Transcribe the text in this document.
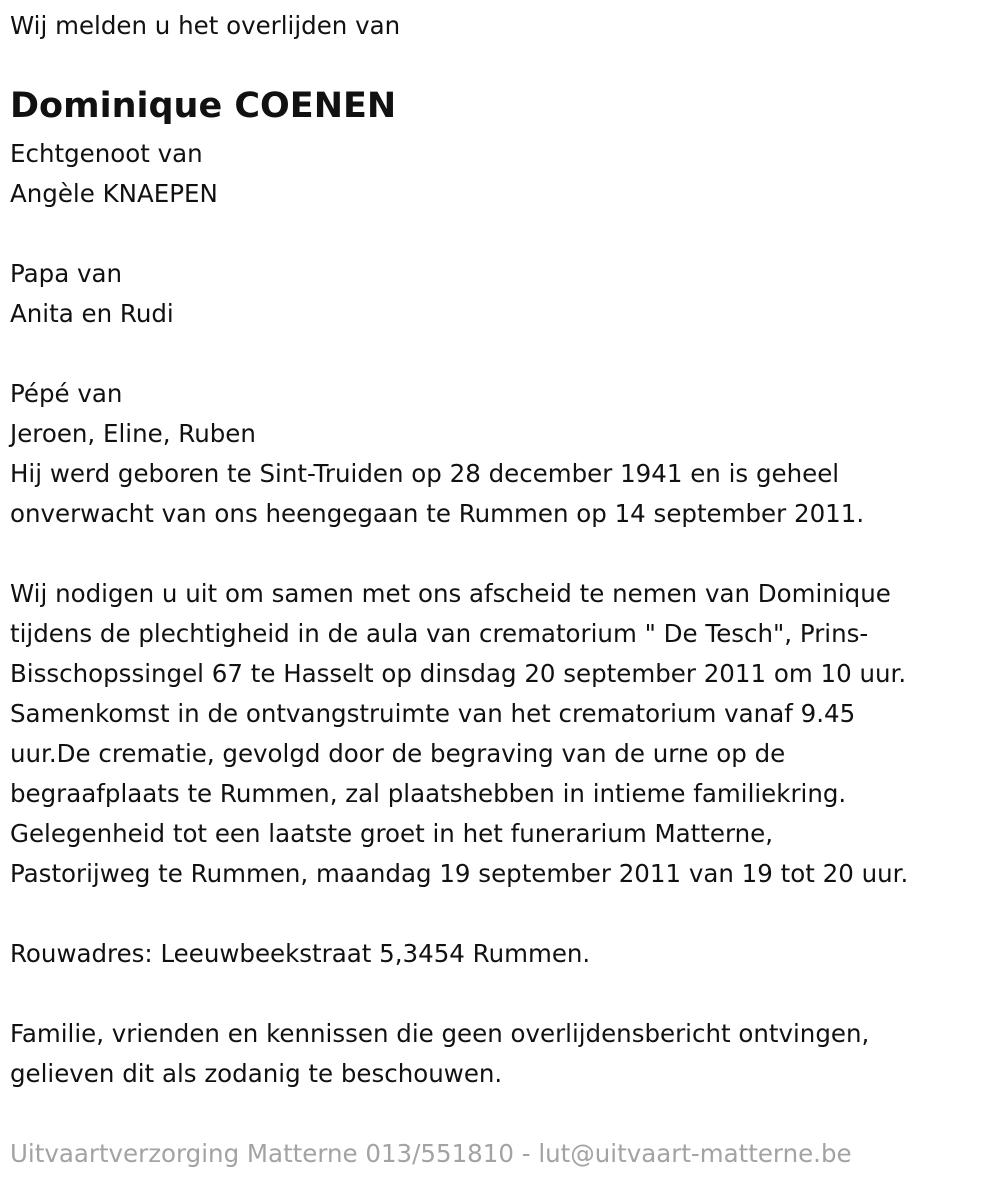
Wij melden u het overlijden van

Dominique COENEN

Echtgenoot van

Angèle KNAEPEN

Papa van

Anita en Rudi

Pépé van

Jeroen, Eline, Ruben

Hij werd geboren te Sint-Truiden op 28 december 1941 en is geheel

onverwacht van ons heengegaan te Rummen op 14 september 2011.

Wij nodigen u uit om samen met ons afscheid te nemen van Dominique

tijdens de plechtigheid in de aula van crematorium " De Tesch", Prins-

Bisschopssingel 67 te Hasselt op dinsdag 20 september 2011 om 10 uur.

Samenkomst in de ontvangstruimte van het crematorium vanaf 9.45

uur.De crematie, gevolgd door de begraving van de urne op de

begraafplaats te Rummen, zal plaatshebben in intieme familiekring.

Gelegenheid tot een laatste groet in het funerarium Matterne,

Pastorijweg te Rummen, maandag 19 september 2011 van 19 tot 20 uur.

Rouwadres: Leeuwbeekstraat 5,3454 Rummen.

Familie, vrienden en kennissen die geen overlijdensbericht ontvingen,

gelieven dit als zodanig te beschouwen.

Uitvaartverzorging Matterne 013/551810 - lut@uitvaart-matterne.be
